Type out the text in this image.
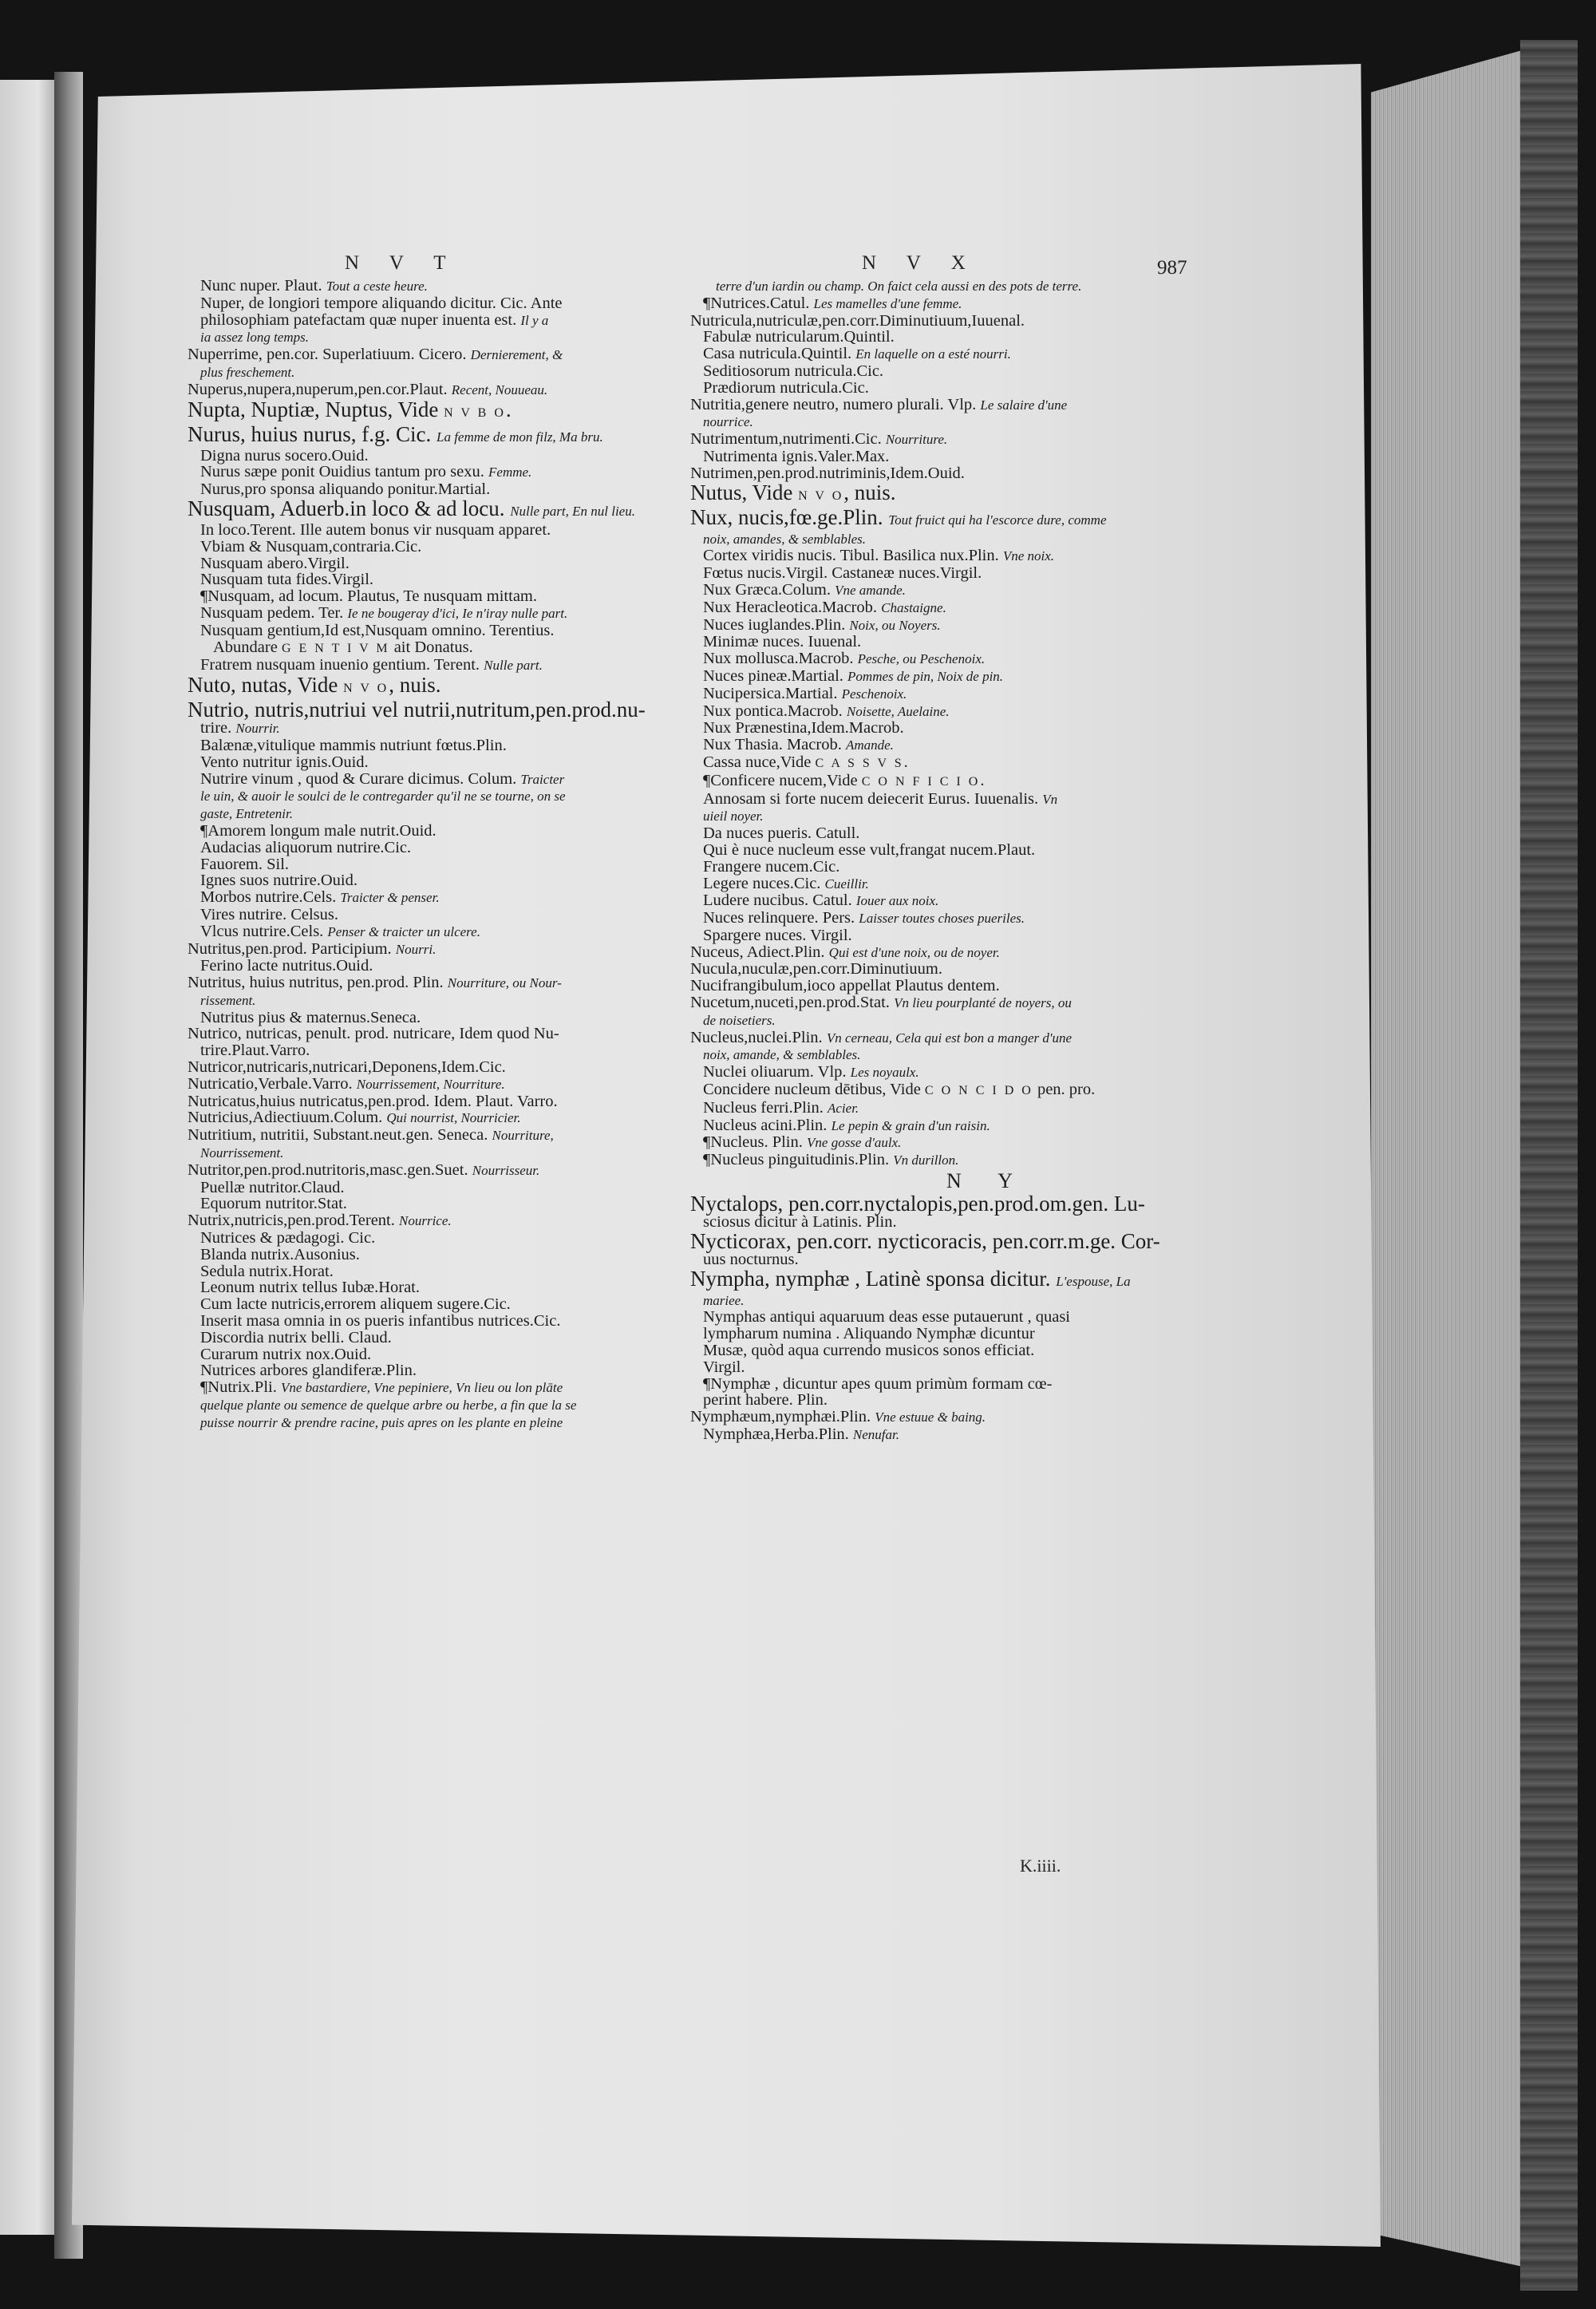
N V T	N V X	987
Nunc nuper. Plaut. Tout a ceste heure.
Nuper, de longiori tempore aliquando dicitur. Cic. Ante
philosophiam patefactam quæ nuper inuenta est. Il y a
ia assez long temps.
Nuperrime, pen.cor. Superlatiuum. Cicero. Dernierement, &
plus freschement.
Nuperus,nupera,nuperum,pen.cor.Plaut. Recent, Nouueau.
Nupta, Nuptiæ, Nuptus, Vide N V B O.
Nurus, huius nurus, f.g. Cic. La femme de mon filz, Ma bru.
Digna nurus socero.Ouid.
Nurus sæpe ponit Ouidius tantum pro sexu. Femme.
Nurus,pro sponsa aliquando ponitur.Martial.
Nusquam, Aduerb.in loco & ad locu. Nulle part, En nul lieu.
In loco.Terent. Ille autem bonus vir nusquam apparet.
Vbiam & Nusquam,contraria.Cic.
Nusquam abero.Virgil.
Nusquam tuta fides.Virgil.
¶Nusquam, ad locum. Plautus, Te nusquam mittam.
Nusquam pedem. Ter. Ie ne bougeray d'ici, Ie n'iray nulle part.
Nusquam gentium,Id est,Nusquam omnino. Terentius.
Abundare G E N T I V M ait Donatus.
Fratrem nusquam inuenio gentium. Terent. Nulle part.
Nuto, nutas, Vide N V O, nuis.
Nutrio, nutris,nutriui vel nutrii,nutritum,pen.prod.nu-
trire. Nourrir.
Balænæ,vitulique mammis nutriunt fœtus.Plin.
Vento nutritur ignis.Ouid.
Nutrire vinum , quod & Curare dicimus. Colum. Traicter
le uin, & auoir le soulci de le contregarder qu'il ne se tourne, on se
gaste, Entretenir.
¶Amorem longum male nutrit.Ouid.
Audacias aliquorum nutrire.Cic.
Fauorem. Sil.
Ignes suos nutrire.Ouid.
Morbos nutrire.Cels. Traicter & penser.
Vires nutrire. Celsus.
Vlcus nutrire.Cels. Penser & traicter un ulcere.
Nutritus,pen.prod. Participium. Nourri.
Ferino lacte nutritus.Ouid.
Nutritus, huius nutritus, pen.prod. Plin. Nourriture, ou Nour-
rissement.
Nutritus pius & maternus.Seneca.
Nutrico, nutricas, penult. prod. nutricare, Idem quod Nu-
trire.Plaut.Varro.
Nutricor,nutricaris,nutricari,Deponens,Idem.Cic.
Nutricatio,Verbale.Varro. Nourrissement, Nourriture.
Nutricatus,huius nutricatus,pen.prod. Idem. Plaut. Varro.
Nutricius,Adiectiuum.Colum. Qui nourrist, Nourricier.
Nutritium, nutritii, Substant.neut.gen. Seneca. Nourriture,
Nourrissement.
Nutritor,pen.prod.nutritoris,masc.gen.Suet. Nourrisseur.
Puellæ nutritor.Claud.
Equorum nutritor.Stat.
Nutrix,nutricis,pen.prod.Terent. Nourrice.
Nutrices & pædagogi. Cic.
Blanda nutrix.Ausonius.
Sedula nutrix.Horat.
Leonum nutrix tellus Iubæ.Horat.
Cum lacte nutricis,errorem aliquem sugere.Cic.
Inserit masa omnia in os pueris infantibus nutrices.Cic.
Discordia nutrix belli. Claud.
Curarum nutrix nox.Ouid.
Nutrices arbores glandiferæ.Plin.
¶Nutrix.Pli. Vne bastardiere, Vne pepiniere, Vn lieu ou lon plāte
quelque plante ou semence de quelque arbre ou herbe, a fin que la se
puisse nourrir & prendre racine, puis apres on les plante en pleine
terre d'un iardin ou champ. On faict cela aussi en des pots de terre.
¶Nutrices.Catul. Les mamelles d'une femme.
Nutricula,nutriculæ,pen.corr.Diminutiuum,Iuuenal.
Fabulæ nutricularum.Quintil.
Casa nutricula.Quintil. En laquelle on a esté nourri.
Seditiosorum nutricula.Cic.
Prædiorum nutricula.Cic.
Nutritia,genere neutro, numero plurali. Vlp. Le salaire d'une
nourrice.
Nutrimentum,nutrimenti.Cic. Nourriture.
Nutrimenta ignis.Valer.Max.
Nutrimen,pen.prod.nutriminis,Idem.Ouid.
Nutus, Vide N V O, nuis.
Nux, nucis,fœ.ge.Plin. Tout fruict qui ha l'escorce dure, comme
noix, amandes, & semblables.
Cortex viridis nucis. Tibul. Basilica nux.Plin. Vne noix.
Fœtus nucis.Virgil. Castaneæ nuces.Virgil.
Nux Græca.Colum. Vne amande.
Nux Heracleotica.Macrob. Chastaigne.
Nuces iuglandes.Plin. Noix, ou Noyers.
Minimæ nuces. Iuuenal.
Nux mollusca.Macrob. Pesche, ou Peschenoix.
Nuces pineæ.Martial. Pommes de pin, Noix de pin.
Nucipersica.Martial. Peschenoix.
Nux pontica.Macrob. Noisette, Auelaine.
Nux Prænestina,Idem.Macrob.
Nux Thasia. Macrob. Amande.
Cassa nuce,Vide C A S S V S.
¶Conficere nucem,Vide C O N F I C I O.
Annosam si forte nucem deiecerit Eurus. Iuuenalis. Vn
uieil noyer.
Da nuces pueris. Catull.
Qui è nuce nucleum esse vult,frangat nucem.Plaut.
Frangere nucem.Cic.
Legere nuces.Cic. Cueillir.
Ludere nucibus. Catul. Iouer aux noix.
Nuces relinquere. Pers. Laisser toutes choses pueriles.
Spargere nuces. Virgil.
Nuceus, Adiect.Plin. Qui est d'une noix, ou de noyer.
Nucula,nuculæ,pen.corr.Diminutiuum.
Nucifrangibulum,ioco appellat Plautus dentem.
Nucetum,nuceti,pen.prod.Stat. Vn lieu pourplanté de noyers, ou
de noisetiers.
Nucleus,nuclei.Plin. Vn cerneau, Cela qui est bon a manger d'une
noix, amande, & semblables.
Nuclei oliuarum. Vlp. Les noyaulx.
Concidere nucleum dētibus, Vide C O N C I D O pen. pro.
Nucleus ferri.Plin. Acier.
Nucleus acini.Plin. Le pepin & grain d'un raisin.
¶Nucleus. Plin. Vne gosse d'aulx.
¶Nucleus pinguitudinis.Plin. Vn durillon.
N Y
Nyctalops, pen.corr.nyctalopis,pen.prod.om.gen. Lu-
sciosus dicitur à Latinis. Plin.
Nycticorax, pen.corr. nycticoracis, pen.corr.m.ge. Cor-
uus nocturnus.
Nympha, nymphæ , Latinè sponsa dicitur. L'espouse, La
mariee.
Nymphas antiqui aquaruum deas esse putauerunt , quasi
lympharum numina . Aliquando Nymphæ dicuntur
Musæ, quòd aqua currendo musicos sonos efficiat.
Virgil.
¶Nymphæ , dicuntur apes quum primùm formam cœ-
perint habere. Plin.
Nymphæum,nymphæi.Plin. Vne estuue & baing.
Nymphæa,Herba.Plin. Nenufar.
K.iiii.
